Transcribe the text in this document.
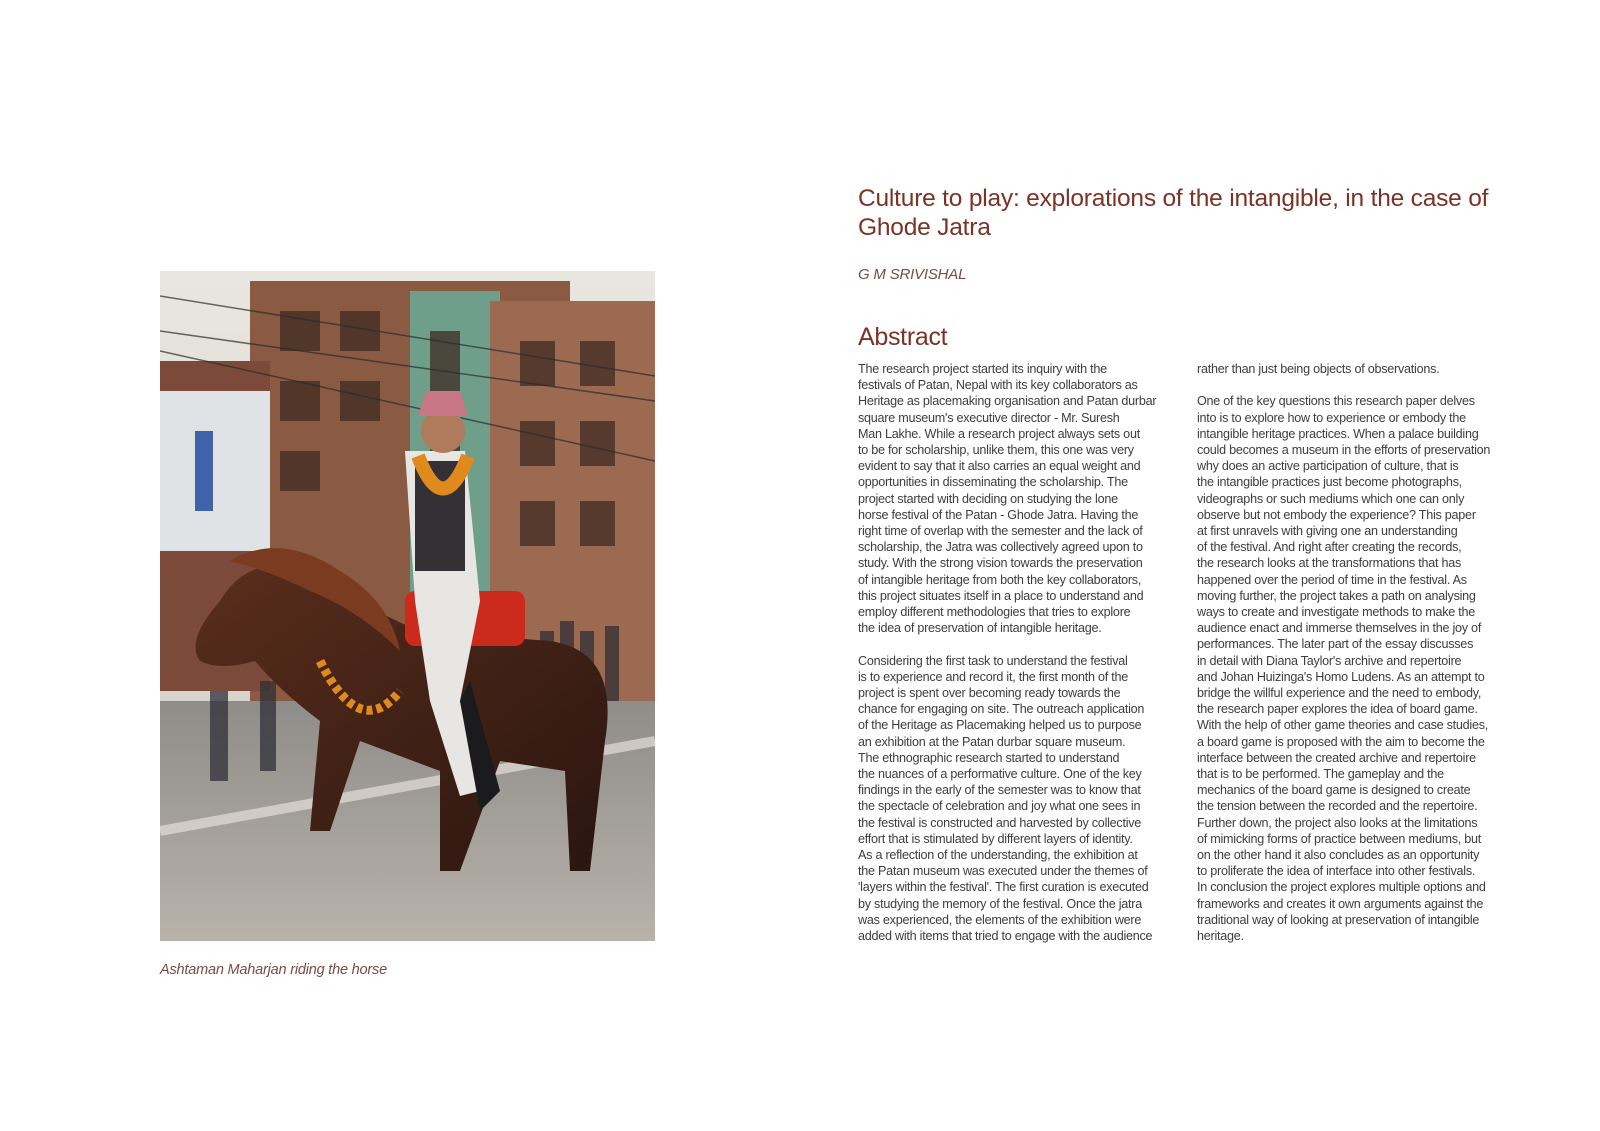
Ashtaman Maharjan riding the horse
Culture to play: explorations of the intangible, in the case of Ghode Jatra
G M SRIVISHAL
Abstract

The research project started its inquiry with the
festivals of Patan, Nepal with its key collaborators as
Heritage as placemaking organisation and Patan durbar
square museum's executive director - Mr. Suresh
Man Lakhe. While a research project always sets out
to be for scholarship, unlike them, this one was very
evident to say that it also carries an equal weight and
opportunities in disseminating the scholarship. The
project started with deciding on studying the lone
horse festival of the Patan - Ghode Jatra. Having the
right time of overlap with the semester and the lack of
scholarship, the Jatra was collectively agreed upon to
study. With the strong vision towards the preservation
of intangible heritage from both the key collaborators,
this project situates itself in a place to understand and
employ different methodologies that tries to explore
the idea of preservation of intangible heritage.

Considering the first task to understand the festival
is to experience and record it, the first month of the
project is spent over becoming ready towards the
chance for engaging on site. The outreach application
of the Heritage as Placemaking helped us to purpose
an exhibition at the Patan durbar square museum.
The ethnographic research started to understand
the nuances of a performative culture. One of the key
findings in the early of the semester was to know that
the spectacle of celebration and joy what one sees in
the festival is constructed and harvested by collective
effort that is stimulated by different layers of identity.
As a reflection of the understanding, the exhibition at
the Patan museum was executed under the themes of
'layers within the festival'. The first curation is executed
by studying the memory of the festival. Once the jatra
was experienced, the elements of the exhibition were
added with items that tried to engage with the audience

rather than just being objects of observations.

One of the key questions this research paper delves
into is to explore how to experience or embody the
intangible heritage practices. When a palace building
could becomes a museum in the efforts of preservation
why does an active participation of culture, that is
the intangible practices just become photographs,
videographs or such mediums which one can only
observe but not embody the experience? This paper
at first unravels with giving one an understanding
of the festival. And right after creating the records,
the research looks at the transformations that has
happened over the period of time in the festival. As
moving further, the project takes a path on analysing
ways to create and investigate methods to make the
audience enact and immerse themselves in the joy of
performances. The later part of the essay discusses
in detail with Diana Taylor's archive and repertoire
and Johan Huizinga's Homo Ludens. As an attempt to
bridge the willful experience and the need to embody,
the research paper explores the idea of board game.
With the help of other game theories and case studies,
a board game is proposed with the aim to become the
interface between the created archive and repertoire
that is to be performed. The gameplay and the
mechanics of the board game is designed to create
the tension between the recorded and the repertoire.
Further down, the project also looks at the limitations
of mimicking forms of practice between mediums, but
on the other hand it also concludes as an opportunity
to proliferate the idea of interface into other festivals.
In conclusion the project explores multiple options and
frameworks and creates it own arguments against the
traditional way of looking at preservation of intangible
heritage.
